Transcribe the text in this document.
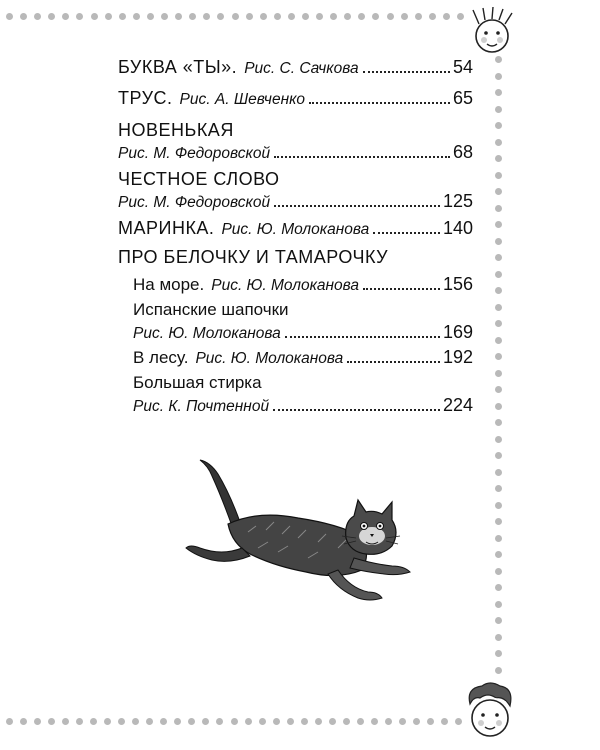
БУКВА «ТЫ». Рис. С. Сачкова	54
ТРУС. Рис. А. Шевченко	65
НОВЕНЬКАЯ
Рис. М. Федоровской	68
ЧЕСТНОЕ СЛОВО
Рис. М. Федоровской	125
МАРИНКА. Рис. Ю. Молоканова	140
ПРО БЕЛОЧКУ И ТАМАРОЧКУ
На море. Рис. Ю. Молоканова	156
Испанские шапочки
Рис. Ю. Молоканова	169
В лесу. Рис. Ю. Молоканова	192
Большая стирка
Рис. К. Почтенной	224
